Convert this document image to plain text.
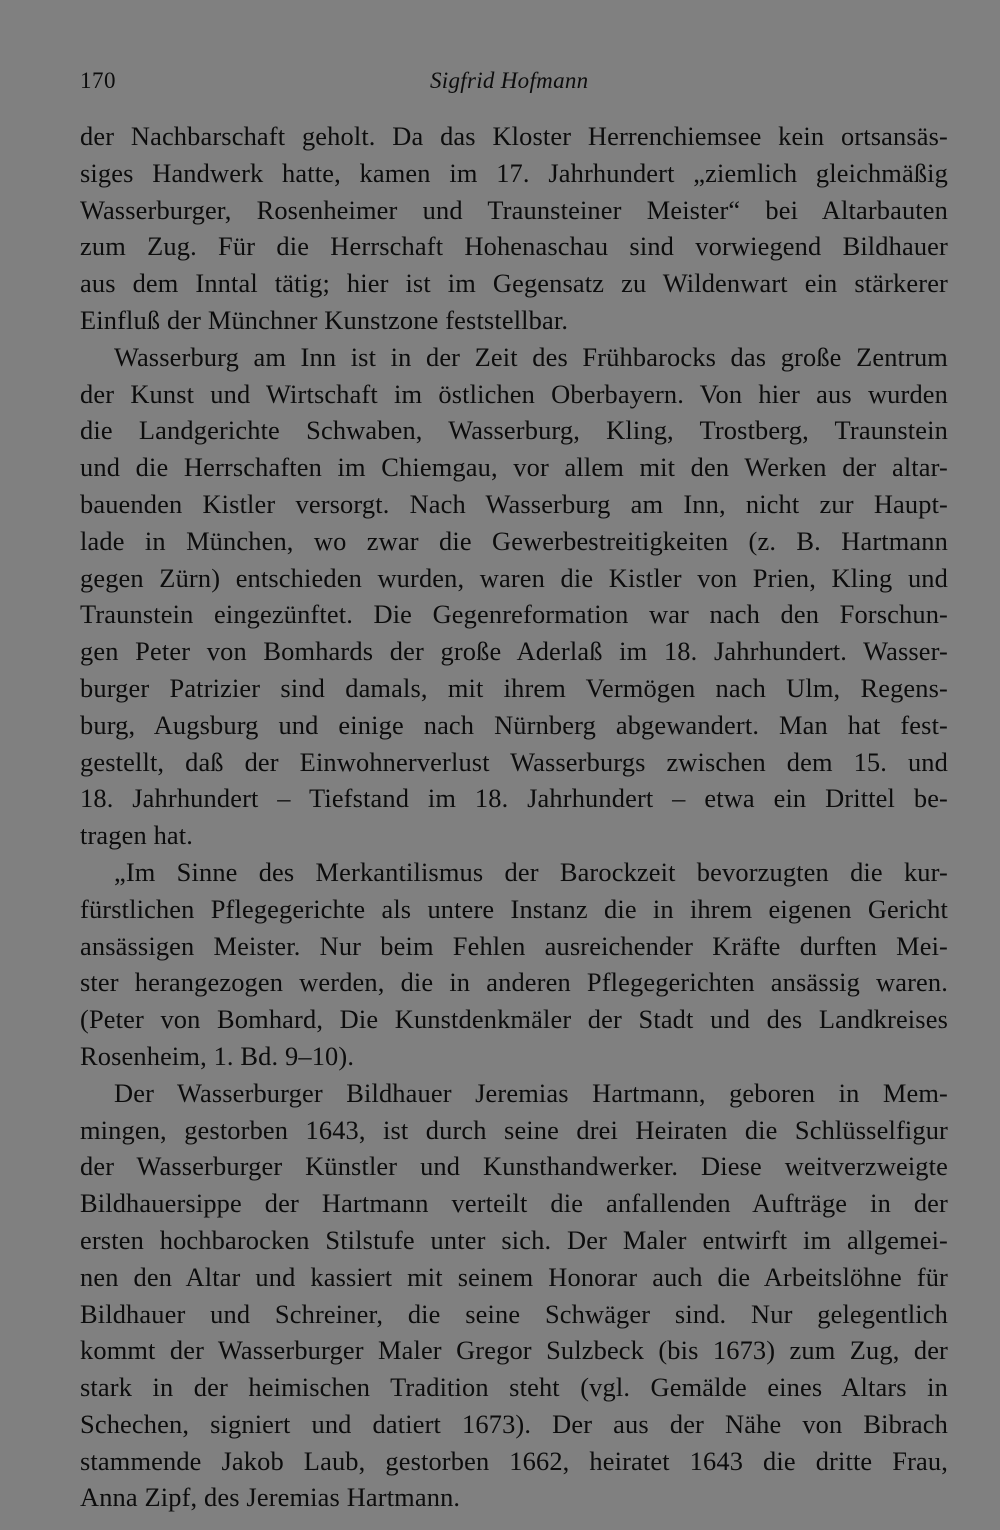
170	Sigfrid Hofmann
der Nachbarschaft geholt. Da das Kloster Herrenchiemsee kein ortsansäs-
siges Handwerk hatte, kamen im 17. Jahrhundert „ziemlich gleichmäßig
Wasserburger, Rosenheimer und Traunsteiner Meister“ bei Altarbauten
zum Zug. Für die Herrschaft Hohenaschau sind vorwiegend Bildhauer
aus dem Inntal tätig; hier ist im Gegensatz zu Wildenwart ein stärkerer
Einfluß der Münchner Kunstzone feststellbar.
Wasserburg am Inn ist in der Zeit des Frühbarocks das große Zentrum
der Kunst und Wirtschaft im östlichen Oberbayern. Von hier aus wurden
die Landgerichte Schwaben, Wasserburg, Kling, Trostberg, Traunstein
und die Herrschaften im Chiemgau, vor allem mit den Werken der altar-
bauenden Kistler versorgt. Nach Wasserburg am Inn, nicht zur Haupt-
lade in München, wo zwar die Gewerbestreitigkeiten (z. B. Hartmann
gegen Zürn) entschieden wurden, waren die Kistler von Prien, Kling und
Traunstein eingezünftet. Die Gegenreformation war nach den Forschun-
gen Peter von Bomhards der große Aderlaß im 18. Jahrhundert. Wasser-
burger Patrizier sind damals, mit ihrem Vermögen nach Ulm, Regens-
burg, Augsburg und einige nach Nürnberg abgewandert. Man hat fest-
gestellt, daß der Einwohnerverlust Wasserburgs zwischen dem 15. und
18. Jahrhundert – Tiefstand im 18. Jahrhundert – etwa ein Drittel be-
tragen hat.
„Im Sinne des Merkantilismus der Barockzeit bevorzugten die kur-
fürstlichen Pflegegerichte als untere Instanz die in ihrem eigenen Gericht
ansässigen Meister. Nur beim Fehlen ausreichender Kräfte durften Mei-
ster herangezogen werden, die in anderen Pflegegerichten ansässig waren.
(Peter von Bomhard, Die Kunstdenkmäler der Stadt und des Landkreises
Rosenheim, 1. Bd. 9–10).
Der Wasserburger Bildhauer Jeremias Hartmann, geboren in Mem-
mingen, gestorben 1643, ist durch seine drei Heiraten die Schlüsselfigur
der Wasserburger Künstler und Kunsthandwerker. Diese weitverzweigte
Bildhauersippe der Hartmann verteilt die anfallenden Aufträge in der
ersten hochbarocken Stilstufe unter sich. Der Maler entwirft im allgemei-
nen den Altar und kassiert mit seinem Honorar auch die Arbeitslöhne für
Bildhauer und Schreiner, die seine Schwäger sind. Nur gelegentlich
kommt der Wasserburger Maler Gregor Sulzbeck (bis 1673) zum Zug, der
stark in der heimischen Tradition steht (vgl. Gemälde eines Altars in
Schechen, signiert und datiert 1673). Der aus der Nähe von Bibrach
stammende Jakob Laub, gestorben 1662, heiratet 1643 die dritte Frau,
Anna Zipf, des Jeremias Hartmann.
